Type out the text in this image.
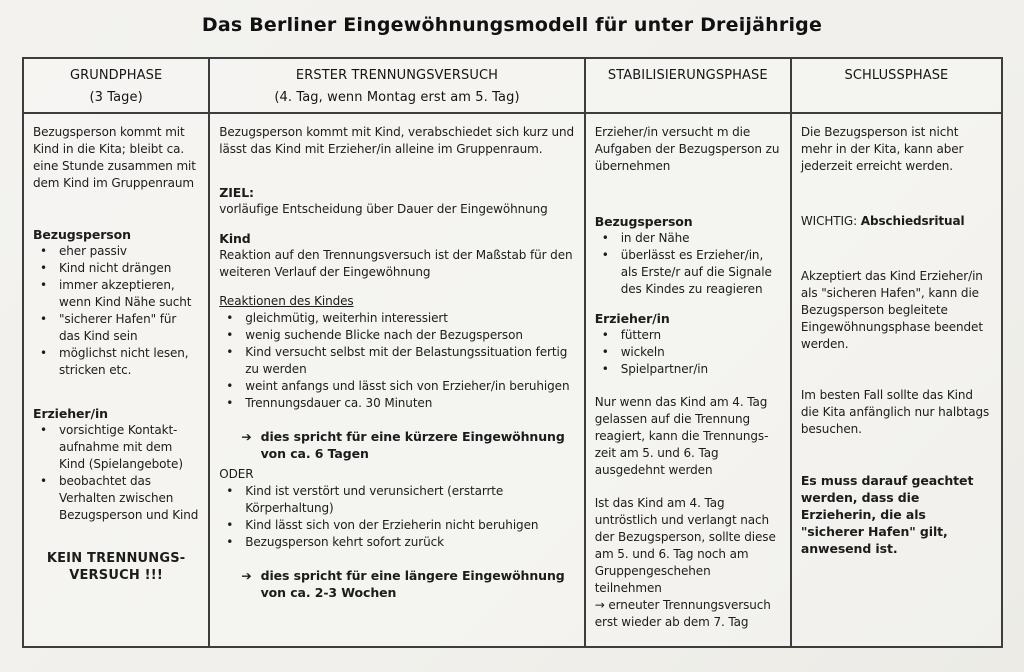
Das Berliner Eingewöhnungsmodell für unter Dreijährige
GRUNDPHASE
(3 Tage)
ERSTER TRENNUNGSVERSUCH
(4. Tag, wenn Montag erst am 5. Tag)
STABILISIERUNGSPHASE	SCHLUSSPHASE

Bezugsperson kommt mit Kind in die Kita; bleibt ca. eine Stunde zusammen mit dem Kind im Gruppenraum

Bezugsperson

• eher passiv
• Kind nicht drängen
• immer akzeptieren, wenn Kind Nähe sucht
• "sicherer Hafen" für das Kind sein
• möglichst nicht lesen, stricken etc.

Erzieher/in

• vorsichtige Kontakt-aufnahme mit dem Kind (Spielangebote)
• beobachtet das Verhalten zwischen Bezugsperson und Kind
KEIN TRENNUNGS-
VERSUCH !!!

Bezugsperson kommt mit Kind, verabschiedet sich kurz und lässt das Kind mit Erzieher/in alleine im Gruppenraum.

ZIEL:

vorläufige Entscheidung über Dauer der Eingewöhnung

Kind

Reaktion auf den Trennungsversuch ist der Maßstab für den weiteren Verlauf der Eingewöhnung

Reaktionen des Kindes

• gleichmütig, weiterhin interessiert
• wenig suchende Blicke nach der Bezugsperson
• Kind versucht selbst mit der Belastungssituation fertig zu werden
• weint anfangs und lässt sich von Erzieher/in beruhigen
• Trennungsdauer ca. 30 Minuten
➔ dies spricht für eine kürzere Eingewöhnung von ca. 6 Tagen

ODER

• Kind ist verstört und verunsichert (erstarrte Körperhaltung)
• Kind lässt sich von der Erzieherin nicht beruhigen
• Bezugsperson kehrt sofort zurück
➔ dies spricht für eine längere Eingewöhnung von ca. 2-3 Wochen

Erzieher/in versucht m die Aufgaben der Bezugsperson zu übernehmen

Bezugsperson

• in der Nähe
• überlässt es Erzieher/in, als Erste/r auf die Signale des Kindes zu reagieren

Erzieher/in

• füttern
• wickeln
• Spielpartner/in

Nur wenn das Kind am 4. Tag gelassen auf die Trennung reagiert, kann die Trennungs-zeit am 5. und 6. Tag ausgedehnt werden

Ist das Kind am 4. Tag untröstlich und verlangt nach der Bezugsperson, sollte diese am 5. und 6. Tag noch am Gruppengeschehen teilnehmen
→ erneuter Trennungsversuch erst wieder ab dem 7. Tag

Die Bezugsperson ist nicht mehr in der Kita, kann aber jederzeit erreicht werden.

WICHTIG: Abschiedsritual

Akzeptiert das Kind Erzieher/in als "sicheren Hafen", kann die Bezugsperson begleitete Eingewöhnungsphase beendet werden.

Im besten Fall sollte das Kind die Kita anfänglich nur halbtags besuchen.

Es muss darauf geachtet werden, dass die Erzieherin, die als "sicherer Hafen" gilt, anwesend ist.
